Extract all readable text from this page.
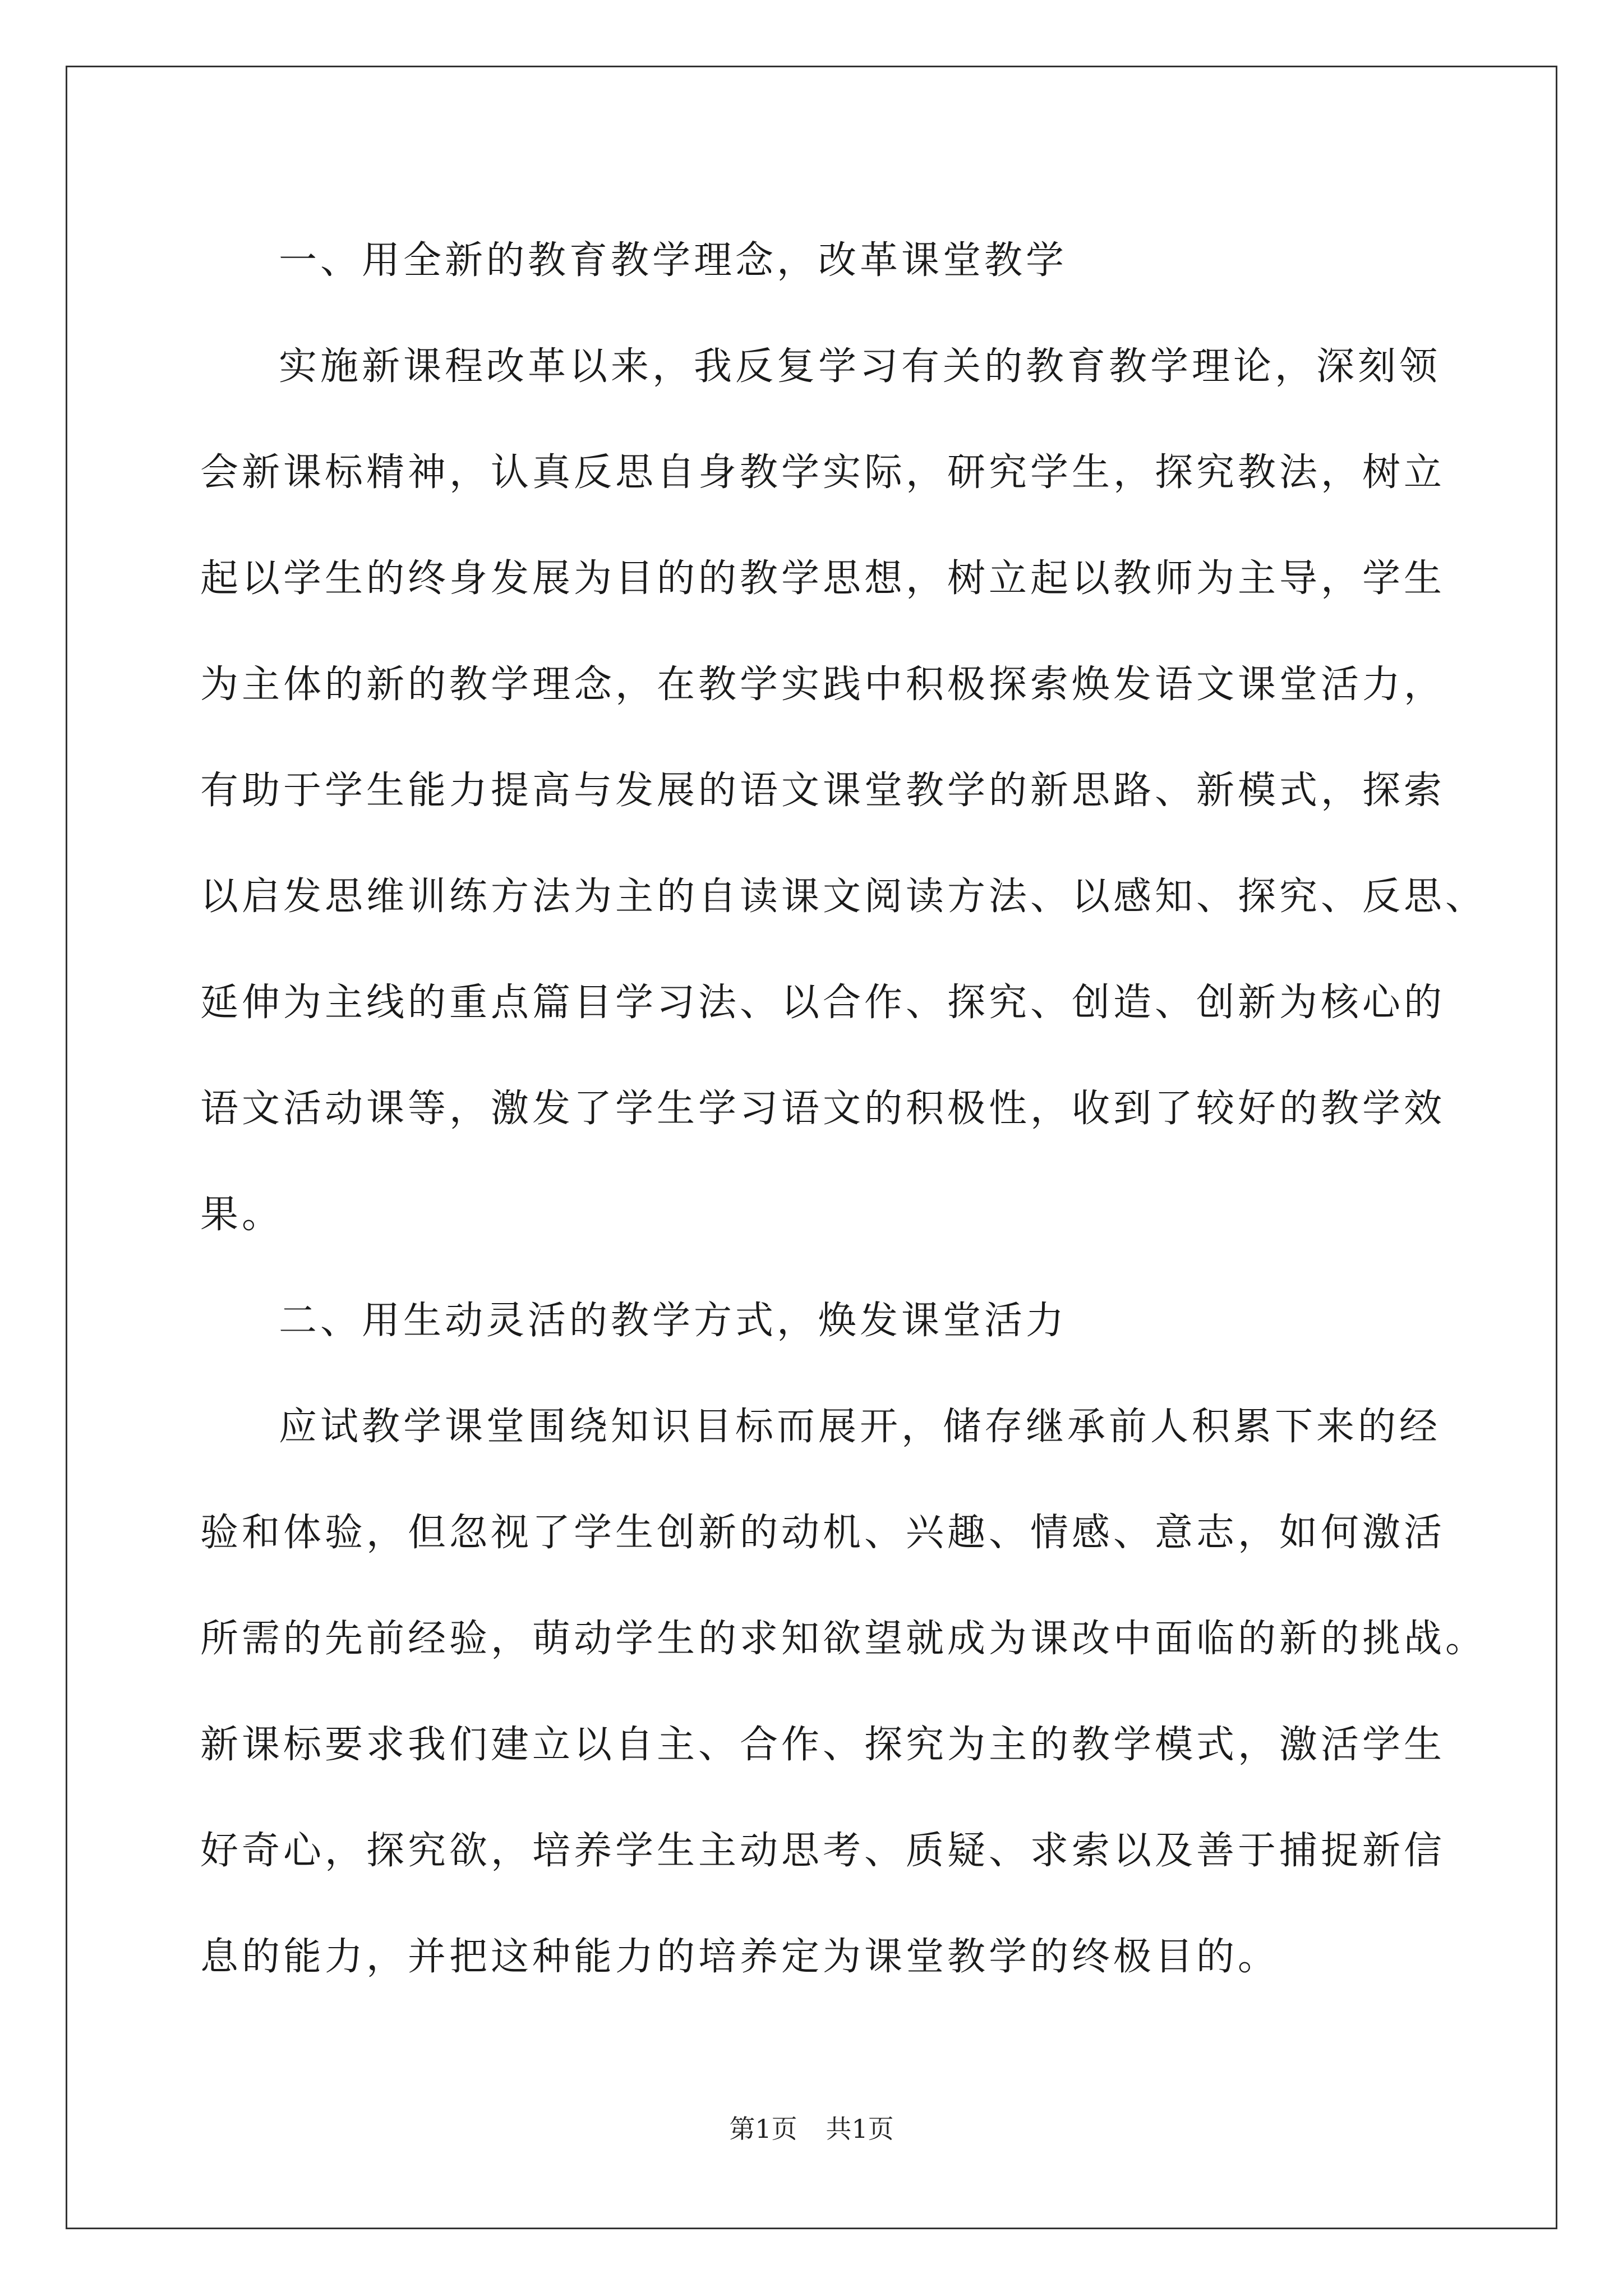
一、用全新的教育教学理念，改革课堂教学
实施新课程改革以来，我反复学习有关的教育教学理论，深刻领
会新课标精神，认真反思自身教学实际，研究学生，探究教法，树立
起以学生的终身发展为目的的教学思想，树立起以教师为主导，学生
为主体的新的教学理念，在教学实践中积极探索焕发语文课堂活力，
有助于学生能力提高与发展的语文课堂教学的新思路、新模式，探索
以启发思维训练方法为主的自读课文阅读方法、以感知、探究、反思、
延伸为主线的重点篇目学习法、以合作、探究、创造、创新为核心的
语文活动课等，激发了学生学习语文的积极性，收到了较好的教学效
果。
二、用生动灵活的教学方式，焕发课堂活力
应试教学课堂围绕知识目标而展开，储存继承前人积累下来的经
验和体验，但忽视了学生创新的动机、兴趣、情感、意志，如何激活
所需的先前经验，萌动学生的求知欲望就成为课改中面临的新的挑战。
新课标要求我们建立以自主、合作、探究为主的教学模式，激活学生
好奇心，探究欲，培养学生主动思考、质疑、求索以及善于捕捉新信
息的能力，并把这种能力的培养定为课堂教学的终极目的。
第1页 共1页
